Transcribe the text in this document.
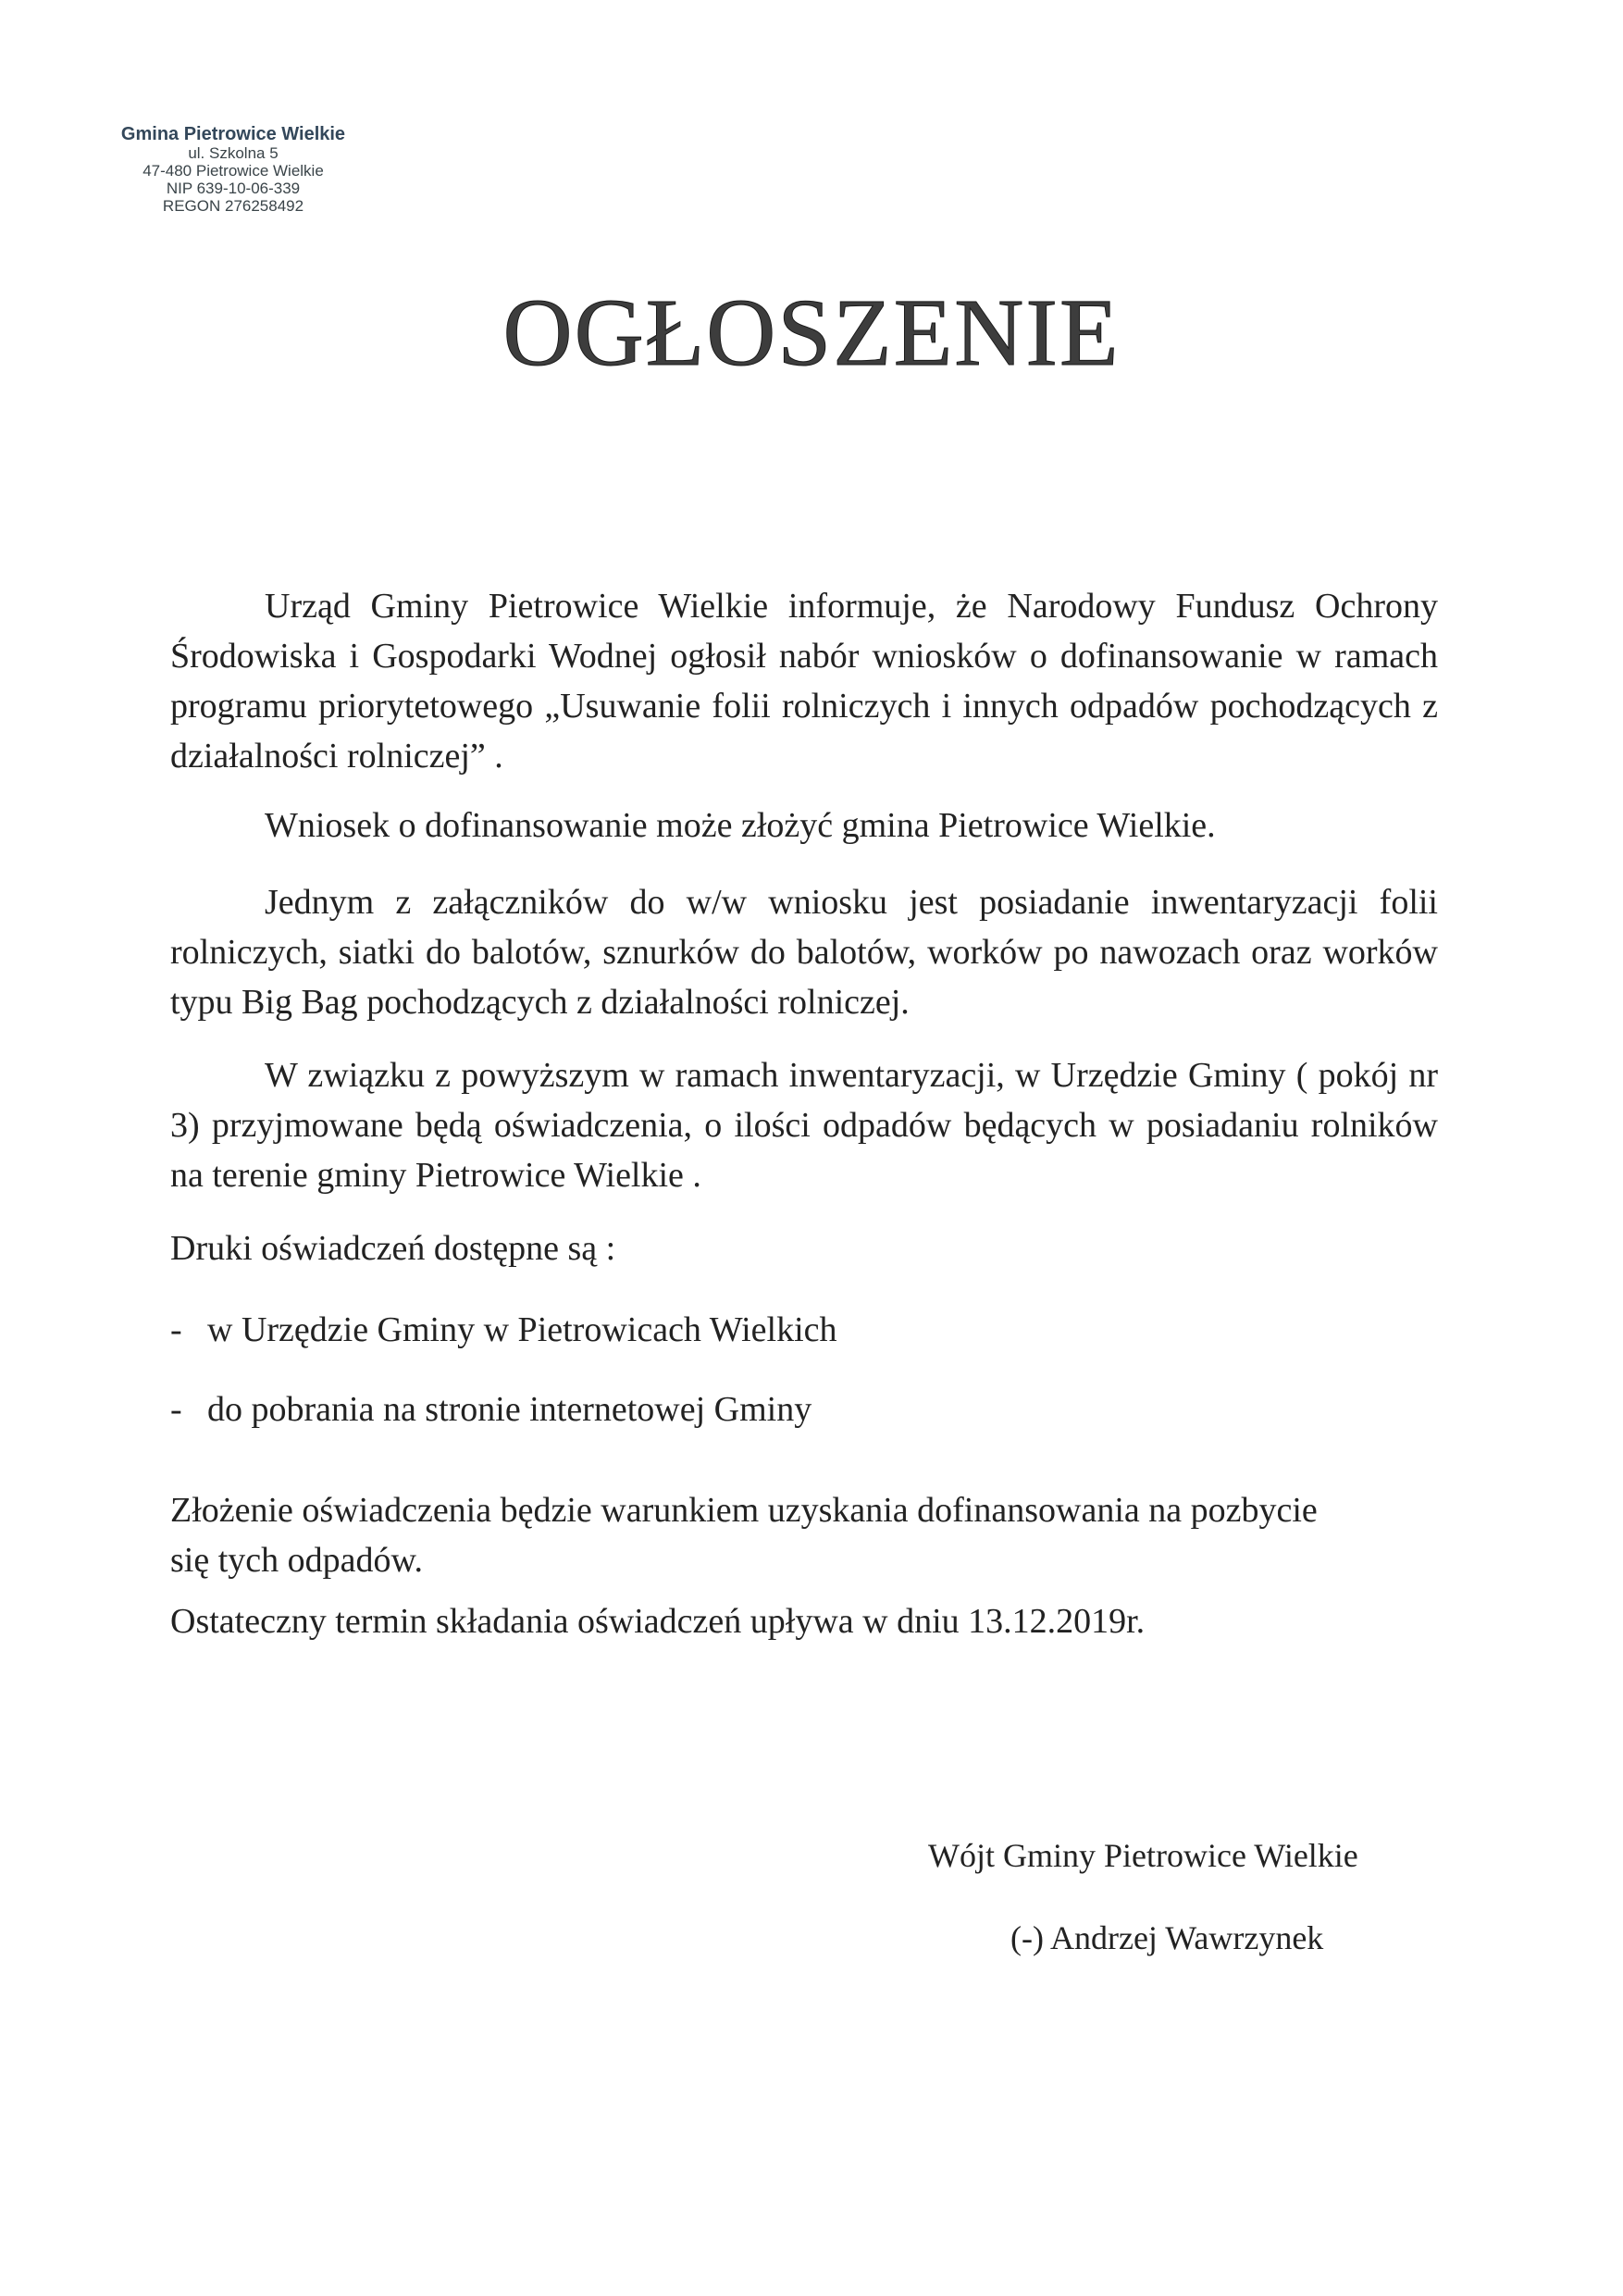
Gmina Pietrowice Wielkie
ul. Szkolna 5
47-480 Pietrowice Wielkie
NIP 639-10-06-339
REGON 276258492
OGŁOSZENIE

Urząd Gminy Pietrowice Wielkie informuje, że Narodowy Fundusz Ochrony Środowiska i Gospodarki Wodnej ogłosił nabór wniosków o dofinansowanie w ramach programu priorytetowego „Usuwanie folii rolniczych i innych odpadów pochodzących z działalności rolniczej” .

Wniosek o dofinansowanie może złożyć gmina Pietrowice Wielkie.

Jednym z załączników do w/w wniosku jest posiadanie inwentaryzacji folii rolniczych, siatki do balotów, sznurków do balotów, worków po nawozach oraz worków typu Big Bag pochodzących z działalności rolniczej.

W związku z powyższym w ramach inwentaryzacji, w Urzędzie Gminy ( pokój nr 3) przyjmowane będą oświadczenia, o ilości odpadów będących w posiadaniu rolników na terenie gminy Pietrowice Wielkie .

Druki oświadczeń dostępne są :

- w Urzędzie Gminy w Pietrowicach Wielkich
- do pobrania na stronie internetowej Gminy

Złożenie oświadczenia będzie warunkiem uzyskania dofinansowania na pozbycie się tych odpadów.

Ostateczny termin składania oświadczeń upływa w dniu 13.12.2019r.

Wójt Gminy Pietrowice Wielkie
(-) Andrzej Wawrzynek
